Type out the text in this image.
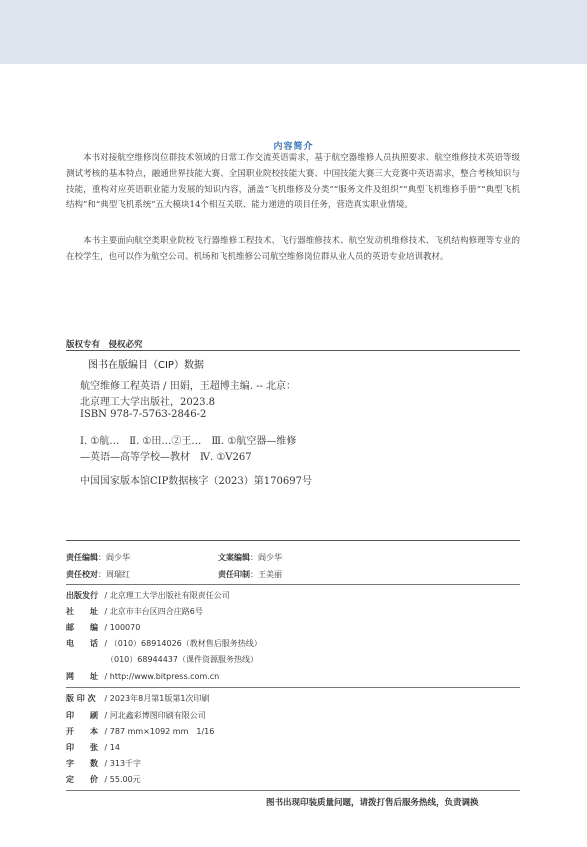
内容简介

本书对接航空维修岗位群技术领域的日常工作交流英语需求，基于航空器维修人员执照要求、航空维修技术英语等级测试考核的基本特点，融通世界技能大赛、全国职业院校技能大赛、中国技能大赛三大竞赛中英语需求，整合考核知识与技能，重构对应英语职业能力发展的知识内容，涵盖“飞机维修及分类”“服务文件及组织”“典型飞机维修手册”“典型飞机结构”和“典型飞机系统”五大模块14个相互关联、能力递进的项目任务，营造真实职业情境。

本书主要面向航空类职业院校飞行器维修工程技术、飞行器维修技术、航空发动机维修技术、飞机结构修理等专业的在校学生，也可以作为航空公司、机场和飞机维修公司航空维修岗位群从业人员的英语专业培训教材。

版权专有　侵权必究
图书在版编目（CIP）数据
航空维修工程英语 / 田娟，王超博主编. -- 北京：
北京理工大学出版社，2023.8
ISBN 978-7-5763-2846-2
Ⅰ. ①航…　Ⅱ. ①田…②王…　Ⅲ. ①航空器—维修
—英语—高等学校—教材　Ⅳ. ①V267
中国国家版本馆CIP数据核字（2023）第170697号
责任编辑：阎少华	文案编辑：阎少华
责任校对：周瑞红	责任印制：王美丽
出版发行 / 北京理工大学出版社有限责任公司
社　　址 / 北京市丰台区四合庄路6号
邮　　编 / 100070
电　　话 / （010）68914026（教材售后服务热线）
　（010）68944437（课件资源服务热线）
网　　址 / http://www.bitpress.com.cn
版 印 次 / 2023年8月第1版第1次印刷
印　　刷 / 河北鑫彩博图印刷有限公司
开　　本 / 787 mm×1092 mm　1/16
印　　张 / 14
字　　数 / 313千字
定　　价 / 55.00元
图书出现印装质量问题，请拨打售后服务热线，负责调换
